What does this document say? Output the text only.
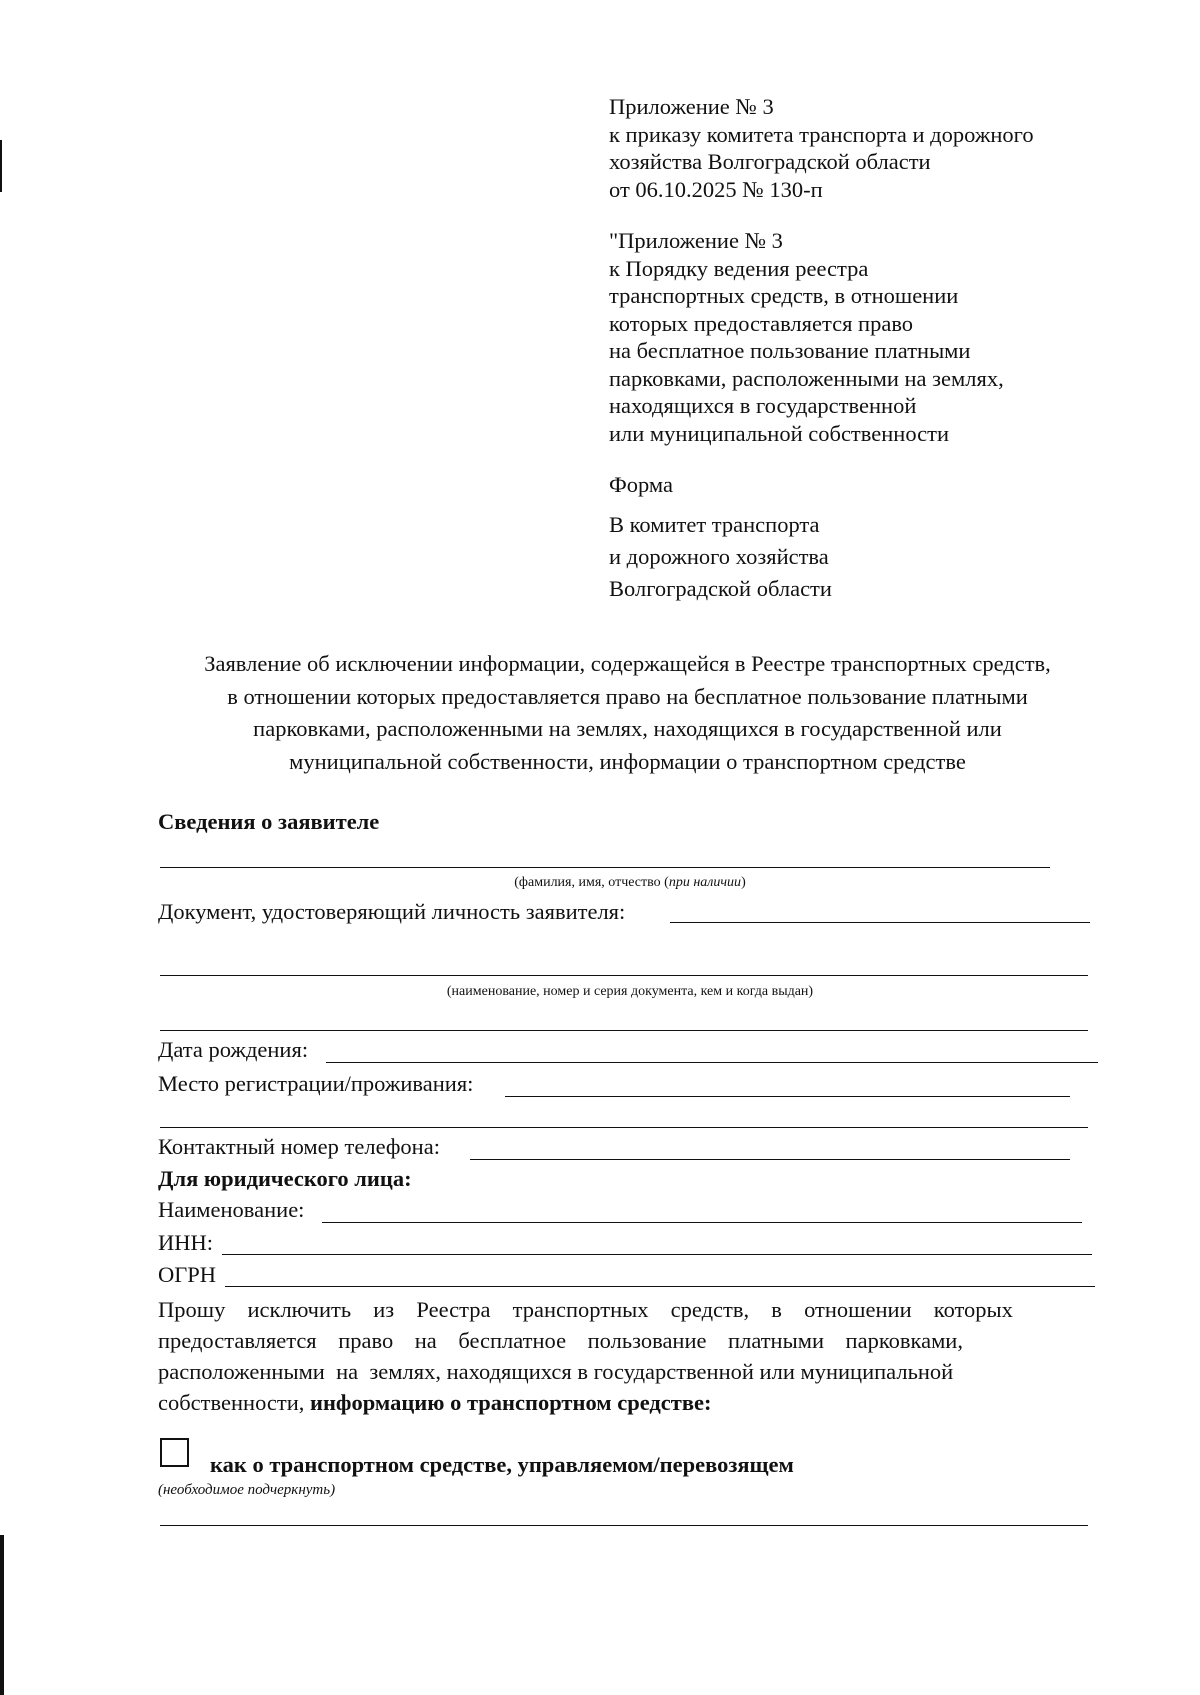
Приложение № 3
к приказу комитета транспорта и дорожного
хозяйства Волгоградской области
от 06.10.2025 № 130-п
"Приложение № 3
к Порядку ведения реестра
транспортных средств, в отношении
которых предоставляется право
на бесплатное пользование платными
парковками, расположенными на землях,
находящихся в государственной
или муниципальной собственности
Форма
В комитет транспорта
и дорожного хозяйства
Волгоградской области
Заявление об исключении информации, содержащейся в Реестре транспортных средств,
в отношении которых предоставляется право на бесплатное пользование платными
парковками, расположенными на землях, находящихся в государственной или
муниципальной собственности, информации о транспортном средстве
Сведения о заявителе
(фамилия, имя, отчество (при наличии)
Документ, удостоверяющий личность заявителя:
(наименование, номер и серия документа, кем и когда выдан)
Дата рождения:
Место регистрации/проживания:
Контактный номер телефона:
Для юридического лица:
Наименование:
ИНН:
ОГРН
Прошу исключить из Реестра транспортных средств, в отношении которых
предоставляется право на бесплатное пользование платными парковками,
расположенными  на  землях, находящихся в государственной или муниципальной
собственности, информацию о транспортном средстве:
как о транспортном средстве, управляемом/перевозящем
(необходимое подчеркнуть)
